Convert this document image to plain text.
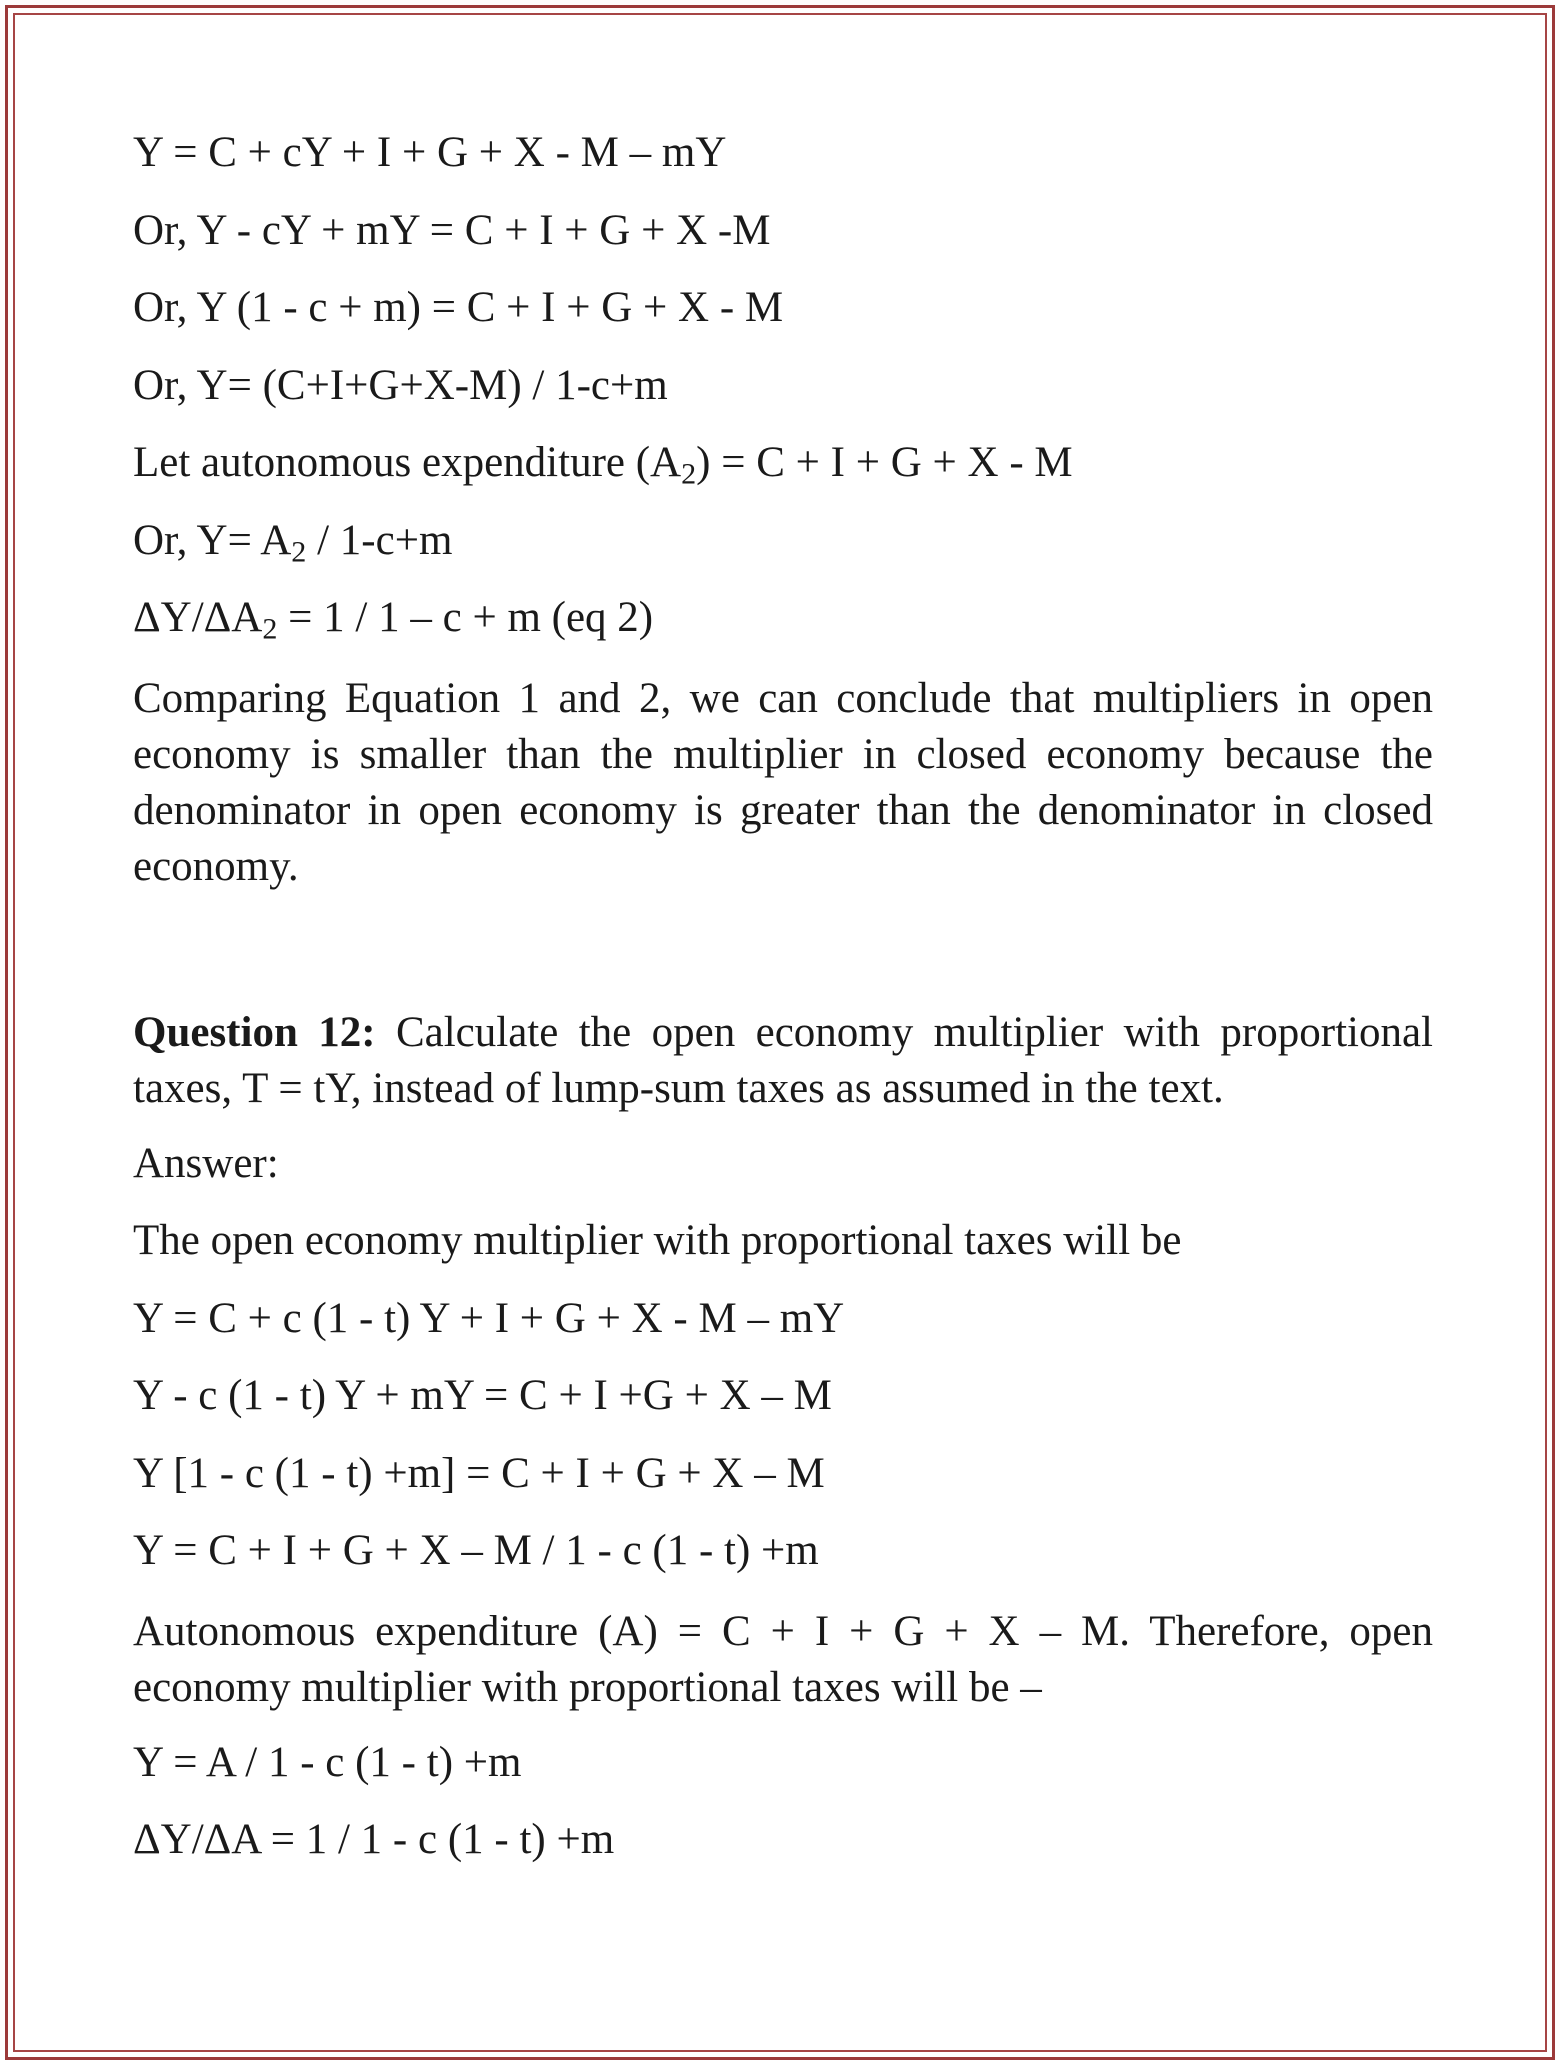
Y = C + cY + I + G + X - M – mY
Or, Y - cY + mY = C + I + G + X -M
Or, Y (1 - c + m) = C + I + G + X - M
Or, Y= (C+I+G+X-M) / 1-c+m
Let autonomous expenditure $(A_2) = C + I + G + X - M$
Or, $Y= A_2 / 1-c+m$
$\Delta Y/\Delta A_2 = 1 / 1 - c + m$ (eq 2)

Comparing Equation 1 and 2, we can conclude that multipliers in open economy is smaller than the multiplier in closed economy because the denominator in open economy is greater than the denominator in closed economy.

Question 12: Calculate the open economy multiplier with proportional taxes, T = tY, instead of lump-sum taxes as assumed in the text.

Answer:
The open economy multiplier with proportional taxes will be
Y = C + c (1 - t) Y + I + G + X - M – mY
Y - c (1 - t) Y + mY = C + I +G + X – M
Y [1 - c (1 - t) +m] = C + I + G + X – M
Y = C + I + G + X – M / 1 - c (1 - t) +m

Autonomous expenditure (A) = C + I + G + X – M. Therefore, open economy multiplier with proportional taxes will be –

Y = A / 1 - c (1 - t) +m
ΔY/ΔA = 1 / 1 - c (1 - t) +m
